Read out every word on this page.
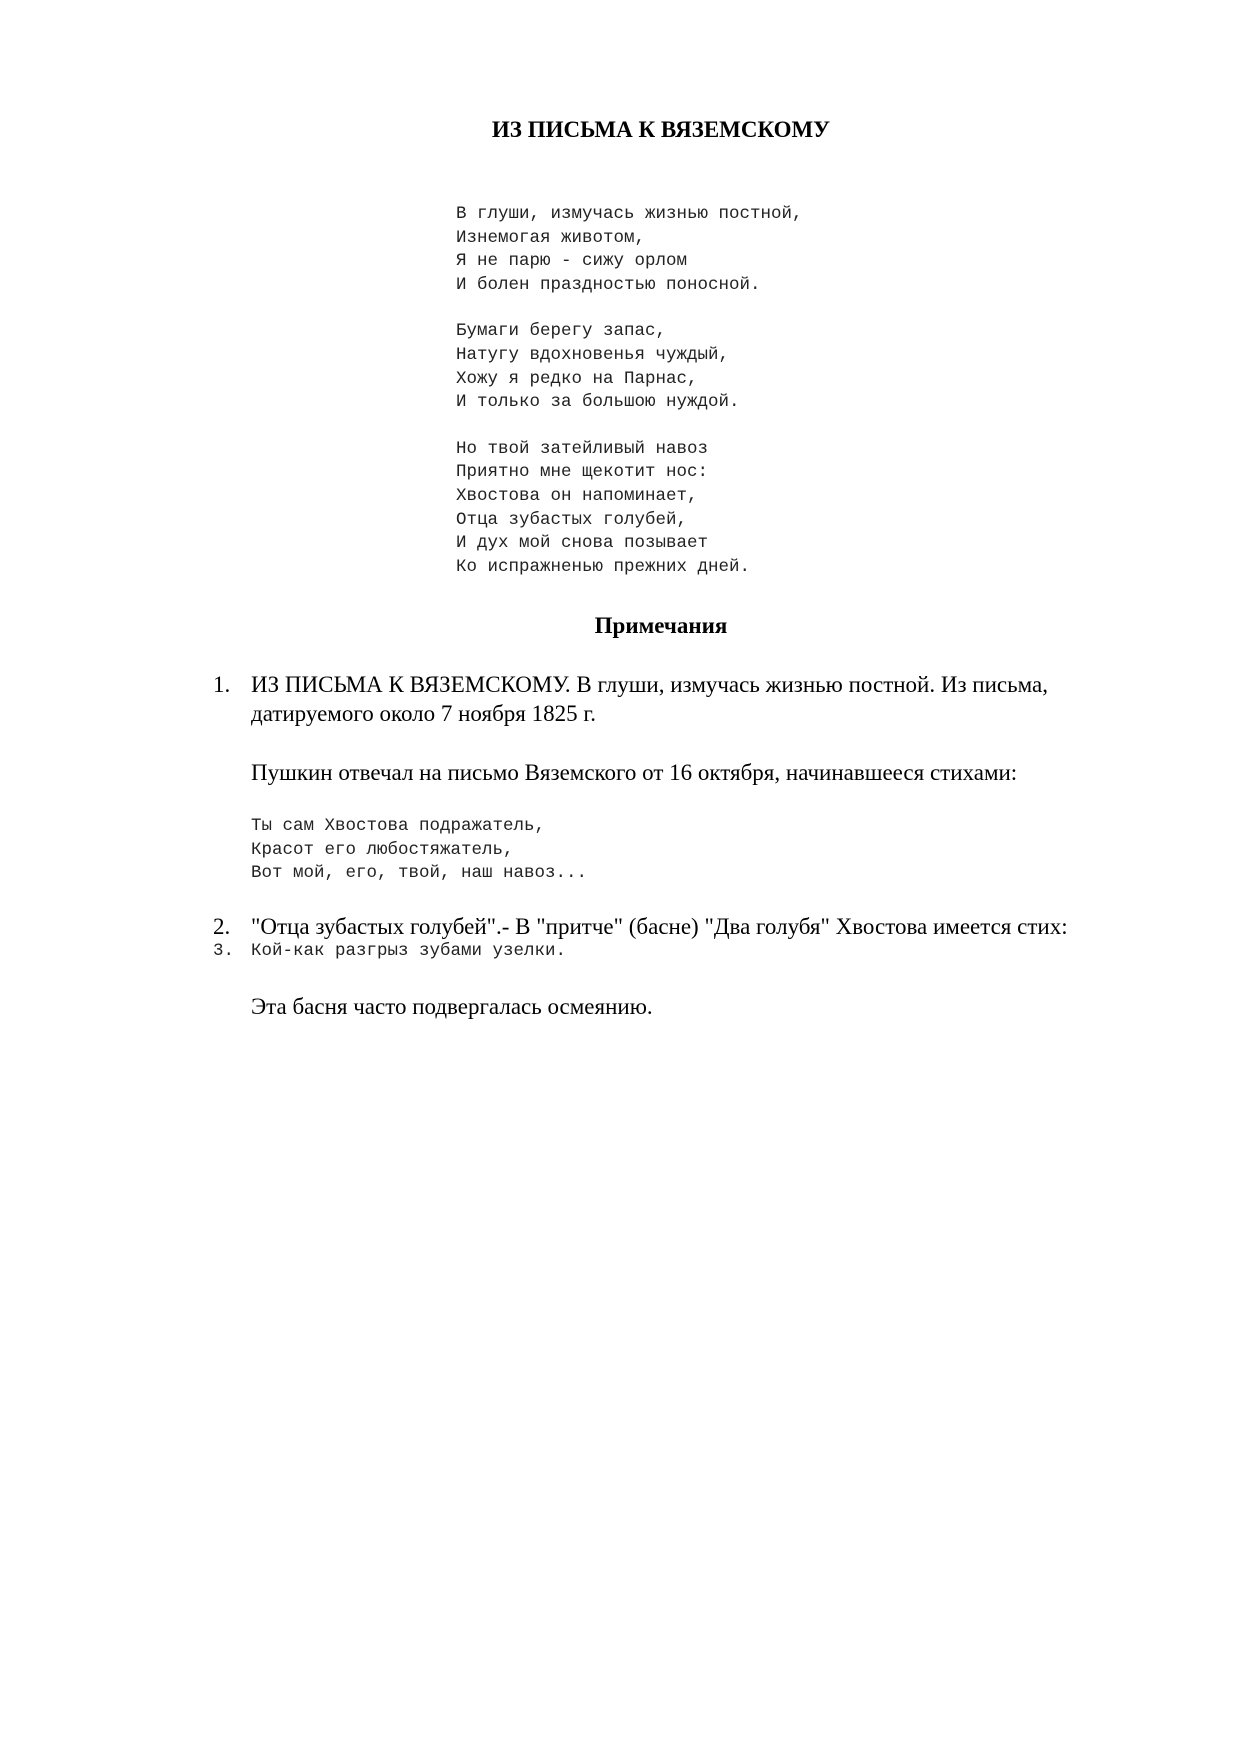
ИЗ ПИСЬМА К ВЯЗЕМСКОМУ
В глуши, измучась жизнью постной,
Изнемогая животом,
Я не парю - сижу орлом
И болен праздностью поносной.
Бумаги берегу запас,
Натугу вдохновенья чуждый,
Хожу я редко на Парнас,
И только за большою нуждой.
Но твой затейливый навоз
Приятно мне щекотит нос:
Хвостова он напоминает,
Отца зубастых голубей,
И дух мой снова позывает
Ко испражненью прежних дней.
Примечания
1. ИЗ ПИСЬМА К ВЯЗЕМСКОМУ. В глуши, измучась жизнью постной. Из письма,
датируемого около 7 ноября 1825 г.
Пушкин отвечал на письмо Вяземского от 16 октября, начинавшееся стихами:
Ты сам Хвостова подражатель,
Красот его любостяжатель,
Вот мой, его, твой, наш навоз...
2. "Отца зубастых голубей".- В "притче" (басне) "Два голубя" Хвостова имеется стих:
3. Кой-как разгрыз зубами узелки.
Эта басня часто подвергалась осмеянию.
